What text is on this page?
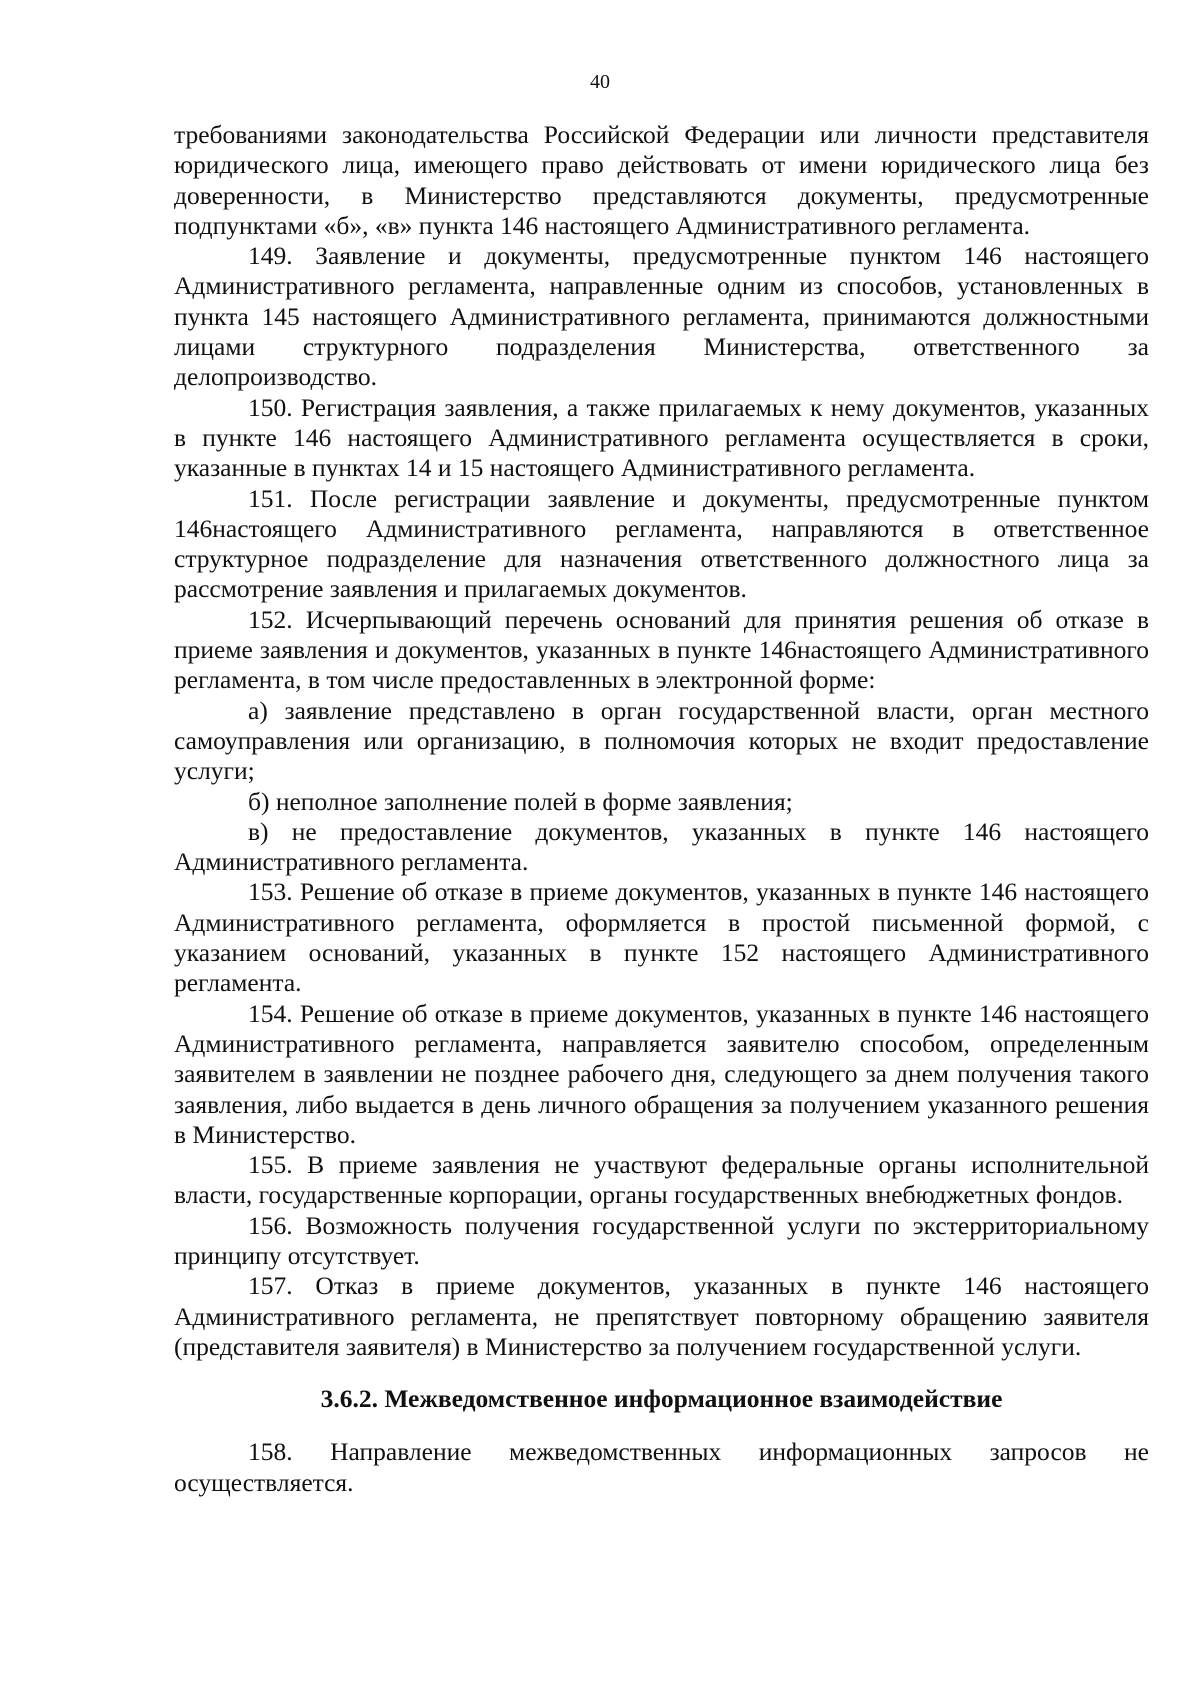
40

требованиями законодательства Российской Федерации или личности представителя юридического лица, имеющего право действовать от имени юридического лица без доверенности, в Министерство представляются документы, предусмотренные подпунктами «б», «в» пункта 146 настоящего Административного регламента.

149. Заявление и документы, предусмотренные пунктом 146 настоящего Административного регламента, направленные одним из способов, установленных в пункта 145 настоящего Административного регламента, принимаются должностными лицами структурного подразделения Министерства, ответственного за делопроизводство.

150. Регистрация заявления, а также прилагаемых к нему документов, указанных в пункте 146 настоящего Административного регламента осуществляется в сроки, указанные в пунктах 14 и 15 настоящего Административного регламента.

151. После регистрации заявление и документы, предусмотренные пунктом 146настоящего Административного регламента, направляются в ответственное структурное подразделение для назначения ответственного должностного лица за рассмотрение заявления и прилагаемых документов.

152. Исчерпывающий перечень оснований для принятия решения об отказе в приеме заявления и документов, указанных в пункте 146настоящего Административного регламента, в том числе предоставленных в электронной форме:

а) заявление представлено в орган государственной власти, орган местного самоуправления или организацию, в полномочия которых не входит предоставление услуги;

б) неполное заполнение полей в форме заявления;

в) не предоставление документов, указанных в пункте 146 настоящего Административного регламента.

153. Решение об отказе в приеме документов, указанных в пункте 146 настоящего Административного регламента, оформляется в простой письменной формой, с указанием оснований, указанных в пункте 152 настоящего Административного регламента.

154. Решение об отказе в приеме документов, указанных в пункте 146 настоящего Административного регламента, направляется заявителю способом, определенным заявителем в заявлении не позднее рабочего дня, следующего за днем получения такого заявления, либо выдается в день личного обращения за получением указанного решения в Министерство.

155. В приеме заявления не участвуют федеральные органы исполнительной власти, государственные корпорации, органы государственных внебюджетных фондов.

156. Возможность получения государственной услуги по экстерриториальному принципу отсутствует.

157. Отказ в приеме документов, указанных в пункте 146 настоящего Административного регламента, не препятствует повторному обращению заявителя (представителя заявителя) в Министерство за получением государственной услуги.

3.6.2. Межведомственное информационное взаимодействие

158. Направление межведомственных информационных запросов не осуществляется.
